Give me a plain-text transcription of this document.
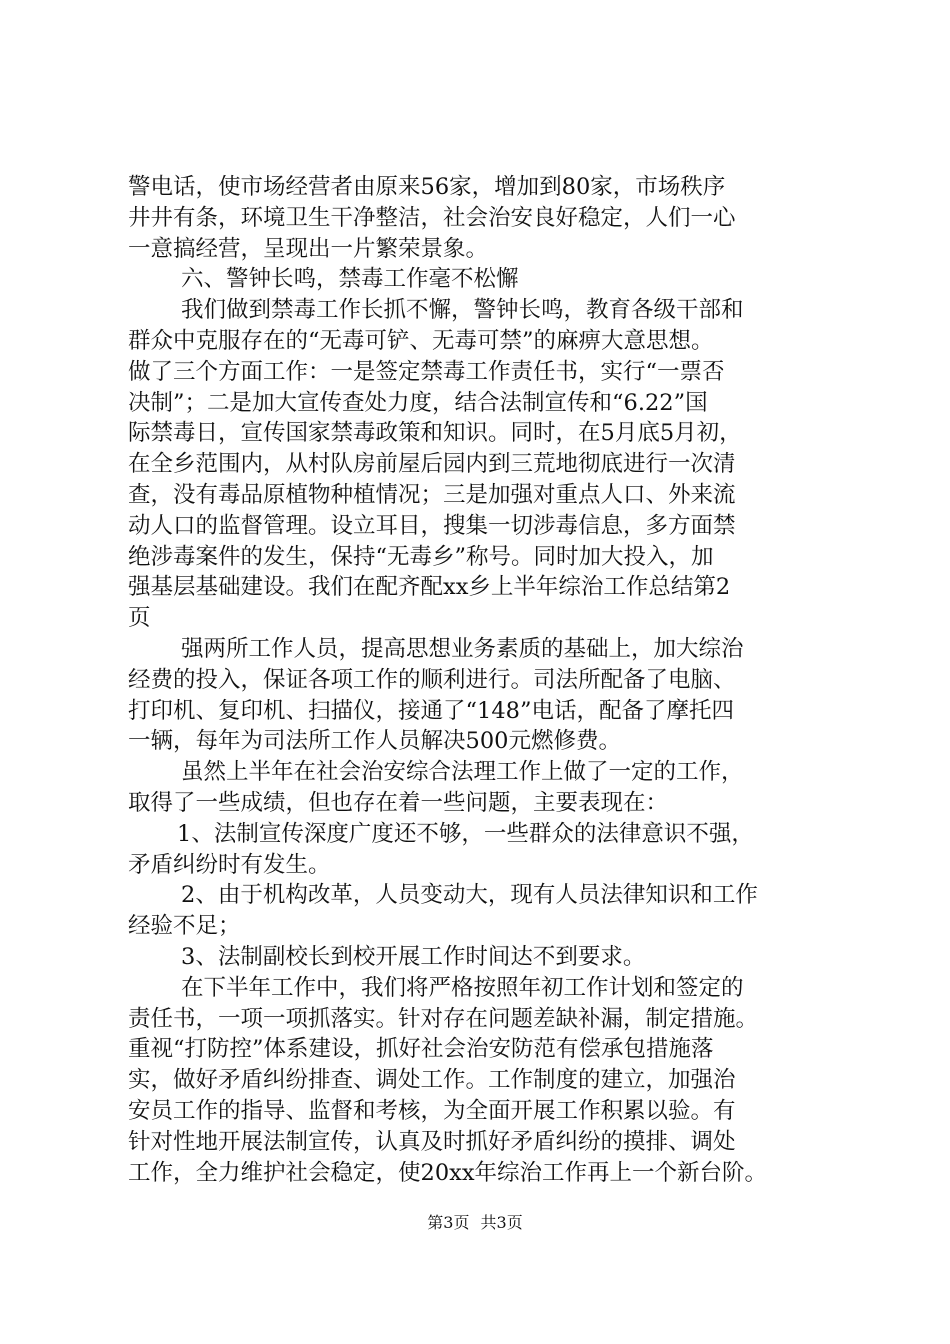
警电话，使市场经营者由原来56家，增加到80家，市场秩序
井井有条，环境卫生干净整洁，社会治安良好稳定，人们一心
一意搞经营，呈现出一片繁荣景象。
六、警钟长鸣，禁毒工作毫不松懈
我们做到禁毒工作长抓不懈，警钟长鸣，教育各级干部和
群众中克服存在的“无毒可铲、无毒可禁”的麻痹大意思想。
做了三个方面工作：一是签定禁毒工作责任书，实行“一票否
决制”；二是加大宣传查处力度，结合法制宣传和“6.22”国
际禁毒日，宣传国家禁毒政策和知识。同时，在5月底5月初，
在全乡范围内，从村队房前屋后园内到三荒地彻底进行一次清
查，没有毒品原植物种植情况；三是加强对重点人口、外来流
动人口的监督管理。设立耳目，搜集一切涉毒信息，多方面禁
绝涉毒案件的发生，保持“无毒乡”称号。同时加大投入，加
强基层基础建设。我们在配齐配xx乡上半年综治工作总结第2
页
强两所工作人员，提高思想业务素质的基础上，加大综治
经费的投入，保证各项工作的顺利进行。司法所配备了电脑、
打印机、复印机、扫描仪，接通了“148”电话，配备了摩托四
一辆，每年为司法所工作人员解决500元燃修费。
虽然上半年在社会治安综合法理工作上做了一定的工作，
取得了一些成绩，但也存在着一些问题，主要表现在：
1、法制宣传深度广度还不够，一些群众的法律意识不强，
矛盾纠纷时有发生。
2、由于机构改革，人员变动大，现有人员法律知识和工作
经验不足；
3、法制副校长到校开展工作时间达不到要求。
在下半年工作中，我们将严格按照年初工作计划和签定的
责任书，一项一项抓落实。针对存在问题差缺补漏，制定措施。
重视“打防控”体系建设，抓好社会治安防范有偿承包措施落
实，做好矛盾纠纷排查、调处工作。工作制度的建立，加强治
安员工作的指导、监督和考核，为全面开展工作积累以验。有
针对性地开展法制宣传，认真及时抓好矛盾纠纷的摸排、调处
工作，全力维护社会稳定，使20xx年综治工作再上一个新台阶。
第3页 共3页
